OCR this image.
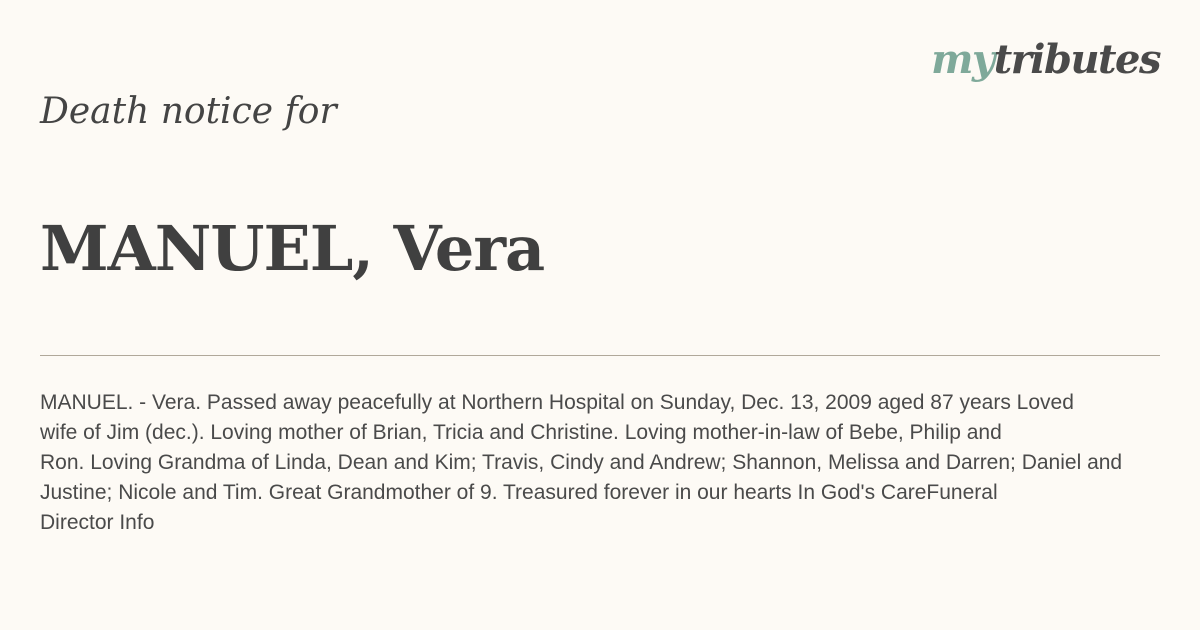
mytributes
Death notice for
MANUEL, Vera

MANUEL. - Vera. Passed away peacefully at Northern Hospital on Sunday, Dec. 13, 2009 aged 87 years Loved
wife of Jim (dec.). Loving mother of Brian, Tricia and Christine. Loving mother-in-law of Bebe, Philip and
Ron. Loving Grandma of Linda, Dean and Kim; Travis, Cindy and Andrew; Shannon, Melissa and Darren; Daniel and
Justine; Nicole and Tim. Great Grandmother of 9. Treasured forever in our hearts In God's CareFuneral
Director Info
